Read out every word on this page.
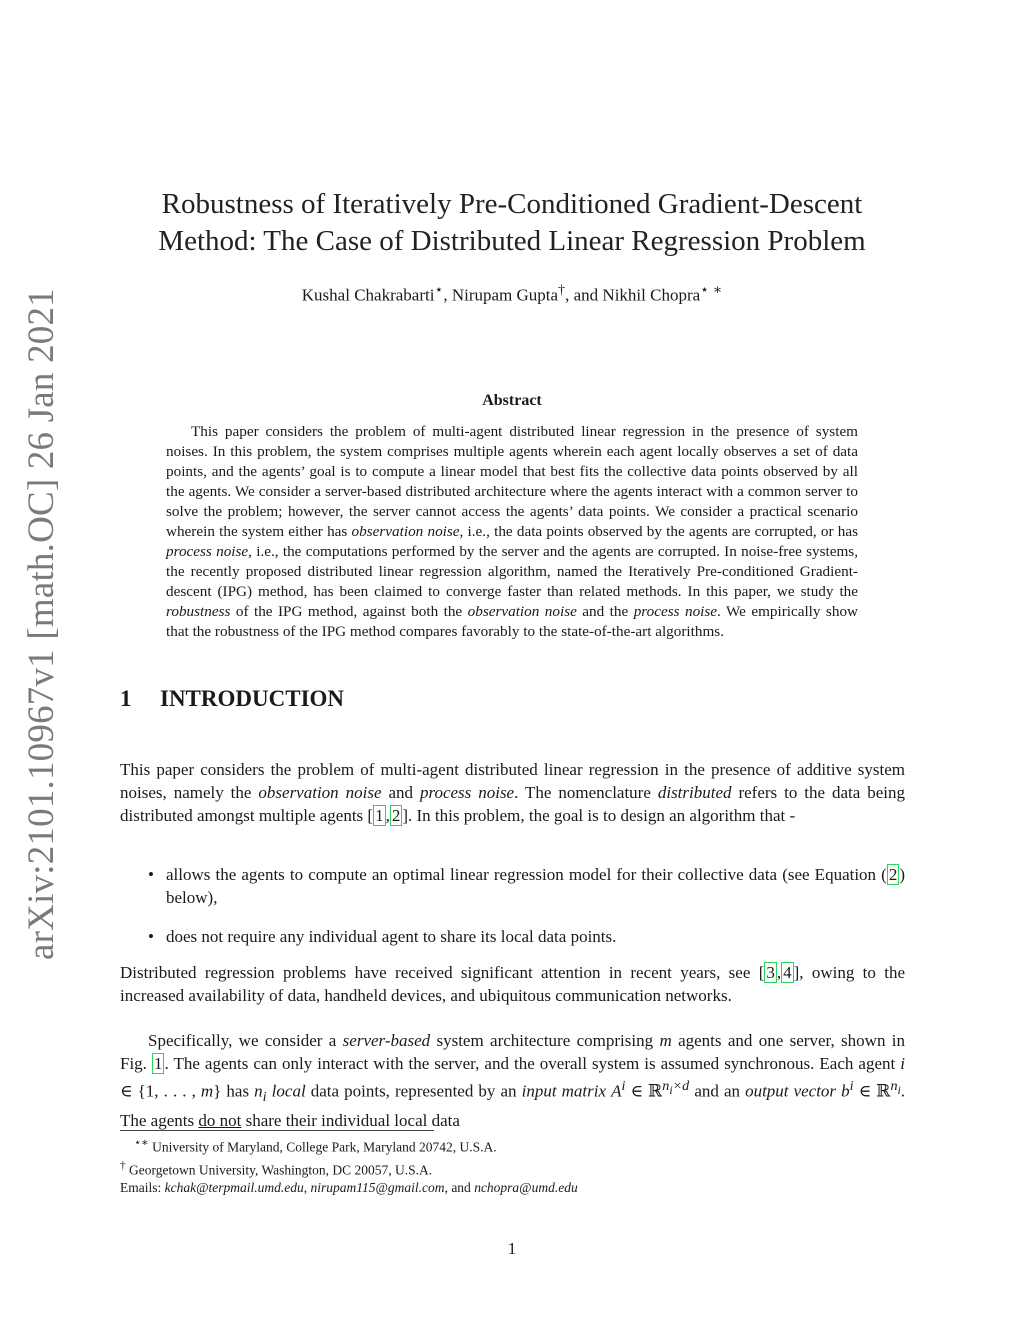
arXiv:2101.10967v1 [math.OC] 26 Jan 2021
Robustness of Iteratively Pre-Conditioned Gradient-Descent
Method: The Case of Distributed Linear Regression Problem
Kushal Chakrabarti⋆, Nirupam Gupta†, and Nikhil Chopra⋆ ∗
Abstract

This paper considers the problem of multi-agent distributed linear regression in the presence of system noises. In this problem, the system comprises multiple agents wherein each agent locally observes a set of data points, and the agents’ goal is to compute a linear model that best fits the collective data points observed by all the agents. We consider a server-based distributed architecture where the agents interact with a common server to solve the problem; however, the server cannot access the agents’ data points. We consider a practical scenario wherein the system either has observation noise, i.e., the data points observed by the agents are corrupted, or has process noise, i.e., the computations performed by the server and the agents are corrupted. In noise-free systems, the recently proposed distributed linear regression algorithm, named the Iteratively Pre-conditioned Gradient-descent (IPG) method, has been claimed to converge faster than related methods. In this paper, we study the robustness of the IPG method, against both the observation noise and the process noise. We empirically show that the robustness of the IPG method compares favorably to the state-of-the-art algorithms.

1 INTRODUCTION

This paper considers the problem of multi-agent distributed linear regression in the presence of additive system noises, namely the observation noise and process noise. The nomenclature distributed refers to the data being distributed amongst multiple agents [ 1 , 2 ]. In this problem, the goal is to design an algorithm that -

• allows the agents to compute an optimal linear regression model for their collective data (see Equation ( 2 ) below),
• does not require any individual agent to share its local data points.

Distributed regression problems have received significant attention in recent years, see [ 3 , 4 ], owing to the increased availability of data, handheld devices, and ubiquitous communication networks.

Specifically, we consider a server-based system architecture comprising m agents and one server, shown in Fig. 1 . The agents can only interact with the server, and the overall system is assumed synchronous. Each agent i ∈ {1, . . . , m} has $n_i$ local data points, represented by an input matrix $A^i$ ∈ ℝ$^{n_i\times d}$ and an output vector $b^i$ ∈ ℝ$^{n_i}$. The agents do not share their individual local data

⋆∗ University of Maryland, College Park, Maryland 20742, U.S.A.
† Georgetown University, Washington, DC 20057, U.S.A.
Emails: kchak@terpmail.umd.edu, nirupam115@gmail.com, and nchopra@umd.edu
1
